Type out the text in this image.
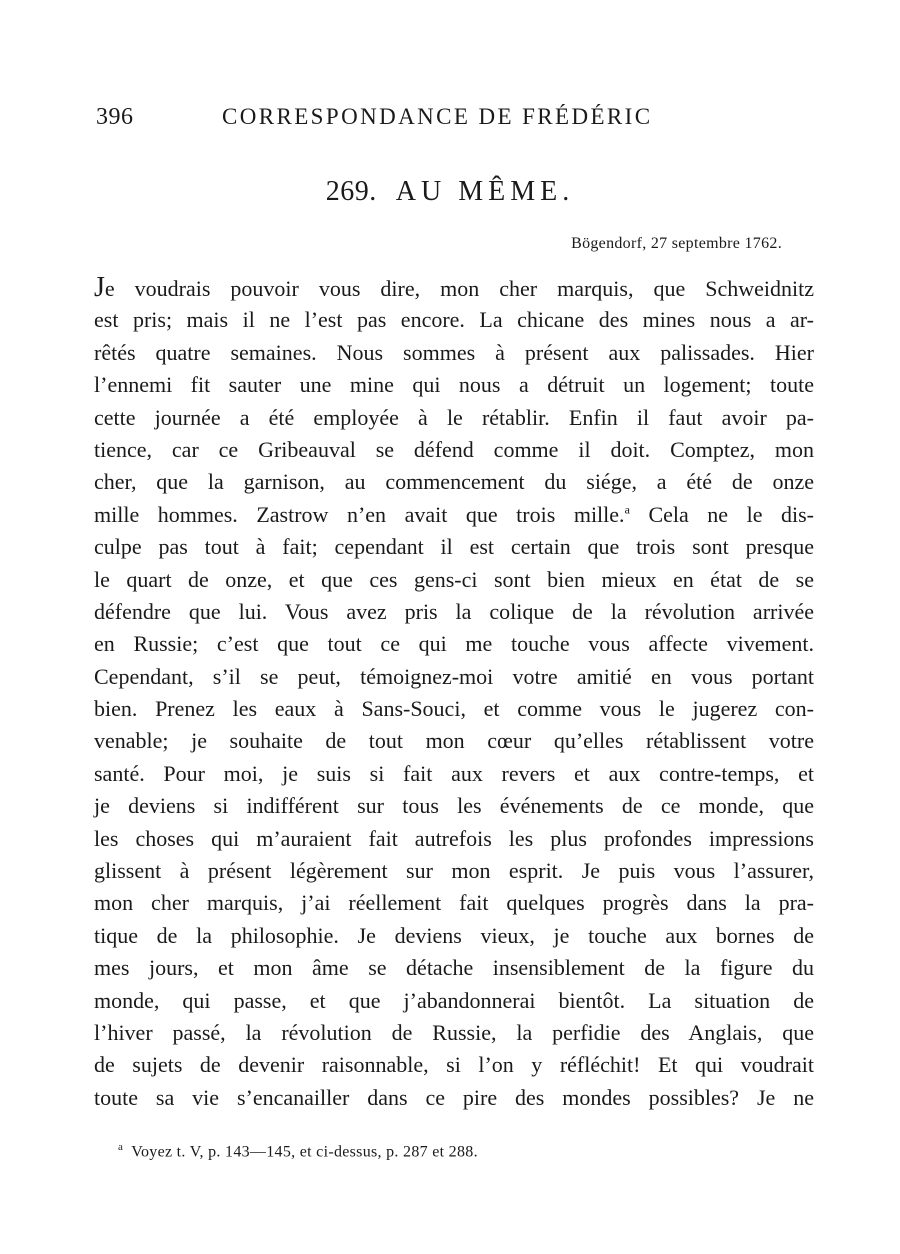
396	CORRESPONDANCE DE FRÉDÉRIC
269. AU MÊME.
Bögendorf, 27 septembre 1762.
Je voudrais pouvoir vous dire, mon cher marquis, que Schweidnitz
est pris; mais il ne l’est pas encore. La chicane des mines nous a ar-
rêtés quatre semaines. Nous sommes à présent aux palissades. Hier
l’ennemi fit sauter une mine qui nous a détruit un logement; toute
cette journée a été employée à le rétablir. Enfin il faut avoir pa-
tience, car ce Gribeauval se défend comme il doit. Comptez, mon
cher, que la garnison, au commencement du siége, a été de onze
mille hommes. Zastrow n’en avait que trois mille.$^a$ Cela ne le dis-
culpe pas tout à fait; cependant il est certain que trois sont presque
le quart de onze, et que ces gens-ci sont bien mieux en état de se
défendre que lui. Vous avez pris la colique de la révolution arrivée
en Russie; c’est que tout ce qui me touche vous affecte vivement.
Cependant, s’il se peut, témoignez-moi votre amitié en vous portant
bien. Prenez les eaux à Sans-Souci, et comme vous le jugerez con-
venable; je souhaite de tout mon cœur qu’elles rétablissent votre
santé. Pour moi, je suis si fait aux revers et aux contre-temps, et
je deviens si indifférent sur tous les événements de ce monde, que
les choses qui m’auraient fait autrefois les plus profondes impressions
glissent à présent légèrement sur mon esprit. Je puis vous l’assurer,
mon cher marquis, j’ai réellement fait quelques progrès dans la pra-
tique de la philosophie. Je deviens vieux, je touche aux bornes de
mes jours, et mon âme se détache insensiblement de la figure du
monde, qui passe, et que j’abandonnerai bientôt. La situation de
l’hiver passé, la révolution de Russie, la perfidie des Anglais, que
de sujets de devenir raisonnable, si l’on y réfléchit! Et qui voudrait
toute sa vie s’encanailler dans ce pire des mondes possibles? Je ne
$^a$ Voyez t. V, p. 143—145, et ci-dessus, p. 287 et 288.
